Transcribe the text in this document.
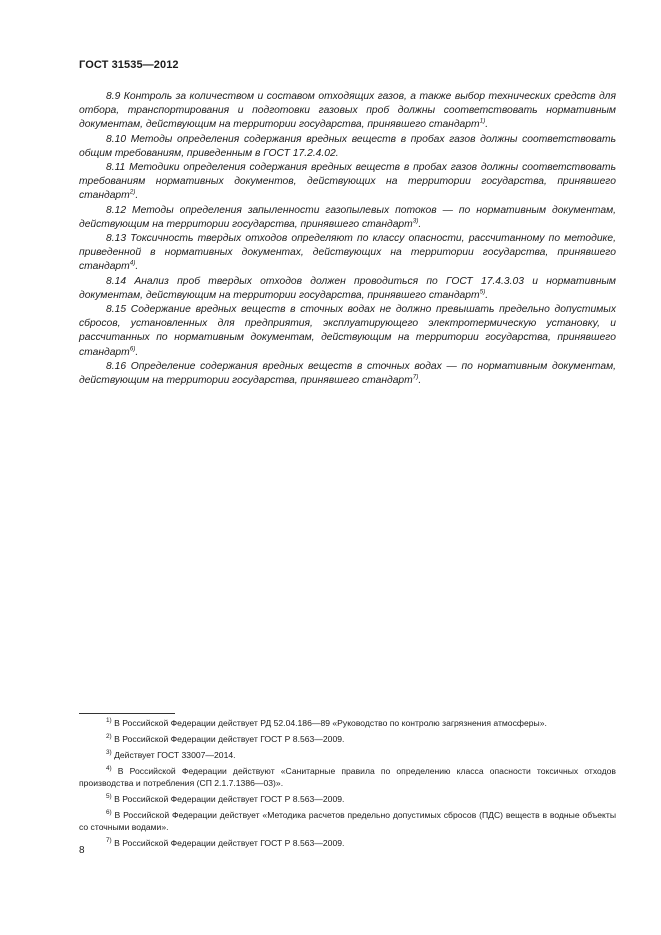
ГОСТ 31535—2012

8.9 Контроль за количеством и составом отходящих газов, а также выбор технических средств для отбора, транспортирования и подготовки газовых проб должны соответствовать нормативным документам, действующим на территории государства, принявшего стандарт$^{1)}$.

8.10 Методы определения содержания вредных веществ в пробах газов должны соответствовать общим требованиям, приведенным в ГОСТ 17.2.4.02.

8.11 Методики определения содержания вредных веществ в пробах газов должны соответствовать требованиям нормативных документов, действующих на территории государства, принявшего стандарт$^{2)}$.

8.12 Методы определения запыленности газопылевых потоков — по нормативным документам, действующим на территории государства, принявшего стандарт$^{3)}$.

8.13 Токсичность твердых отходов определяют по классу опасности, рассчитанному по методике, приведенной в нормативных документах, действующих на территории государства, принявшего стандарт$^{4)}$.

8.14 Анализ проб твердых отходов должен проводиться по ГОСТ 17.4.3.03 и нормативным документам, действующим на территории государства, принявшего стандарт$^{5)}$.

8.15 Содержание вредных веществ в сточных водах не должно превышать предельно допустимых сбросов, установленных для предприятия, эксплуатирующего электротермическую установку, и рассчитанных по нормативным документам, действующим на территории государства, принявшего стандарт$^{6)}$.

8.16 Определение содержания вредных веществ в сточных водах — по нормативным документам, действующим на территории государства, принявшего стандарт$^{7)}$.

$^{1)}$ В Российской Федерации действует РД 52.04.186—89 «Руководство по контролю загрязнения атмосферы».

$^{2)}$ В Российской Федерации действует ГОСТ Р 8.563—2009.

$^{3)}$ Действует ГОСТ 33007—2014.

$^{4)}$ В Российской Федерации действуют «Санитарные правила по определению класса опасности токсичных отходов производства и потребления (СП 2.1.7.1386—03)».

$^{5)}$ В Российской Федерации действует ГОСТ Р 8.563—2009.

$^{6)}$ В Российской Федерации действует «Методика расчетов предельно допустимых сбросов (ПДС) веществ в водные объекты со сточными водами».

$^{7)}$ В Российской Федерации действует ГОСТ Р 8.563—2009.

8
